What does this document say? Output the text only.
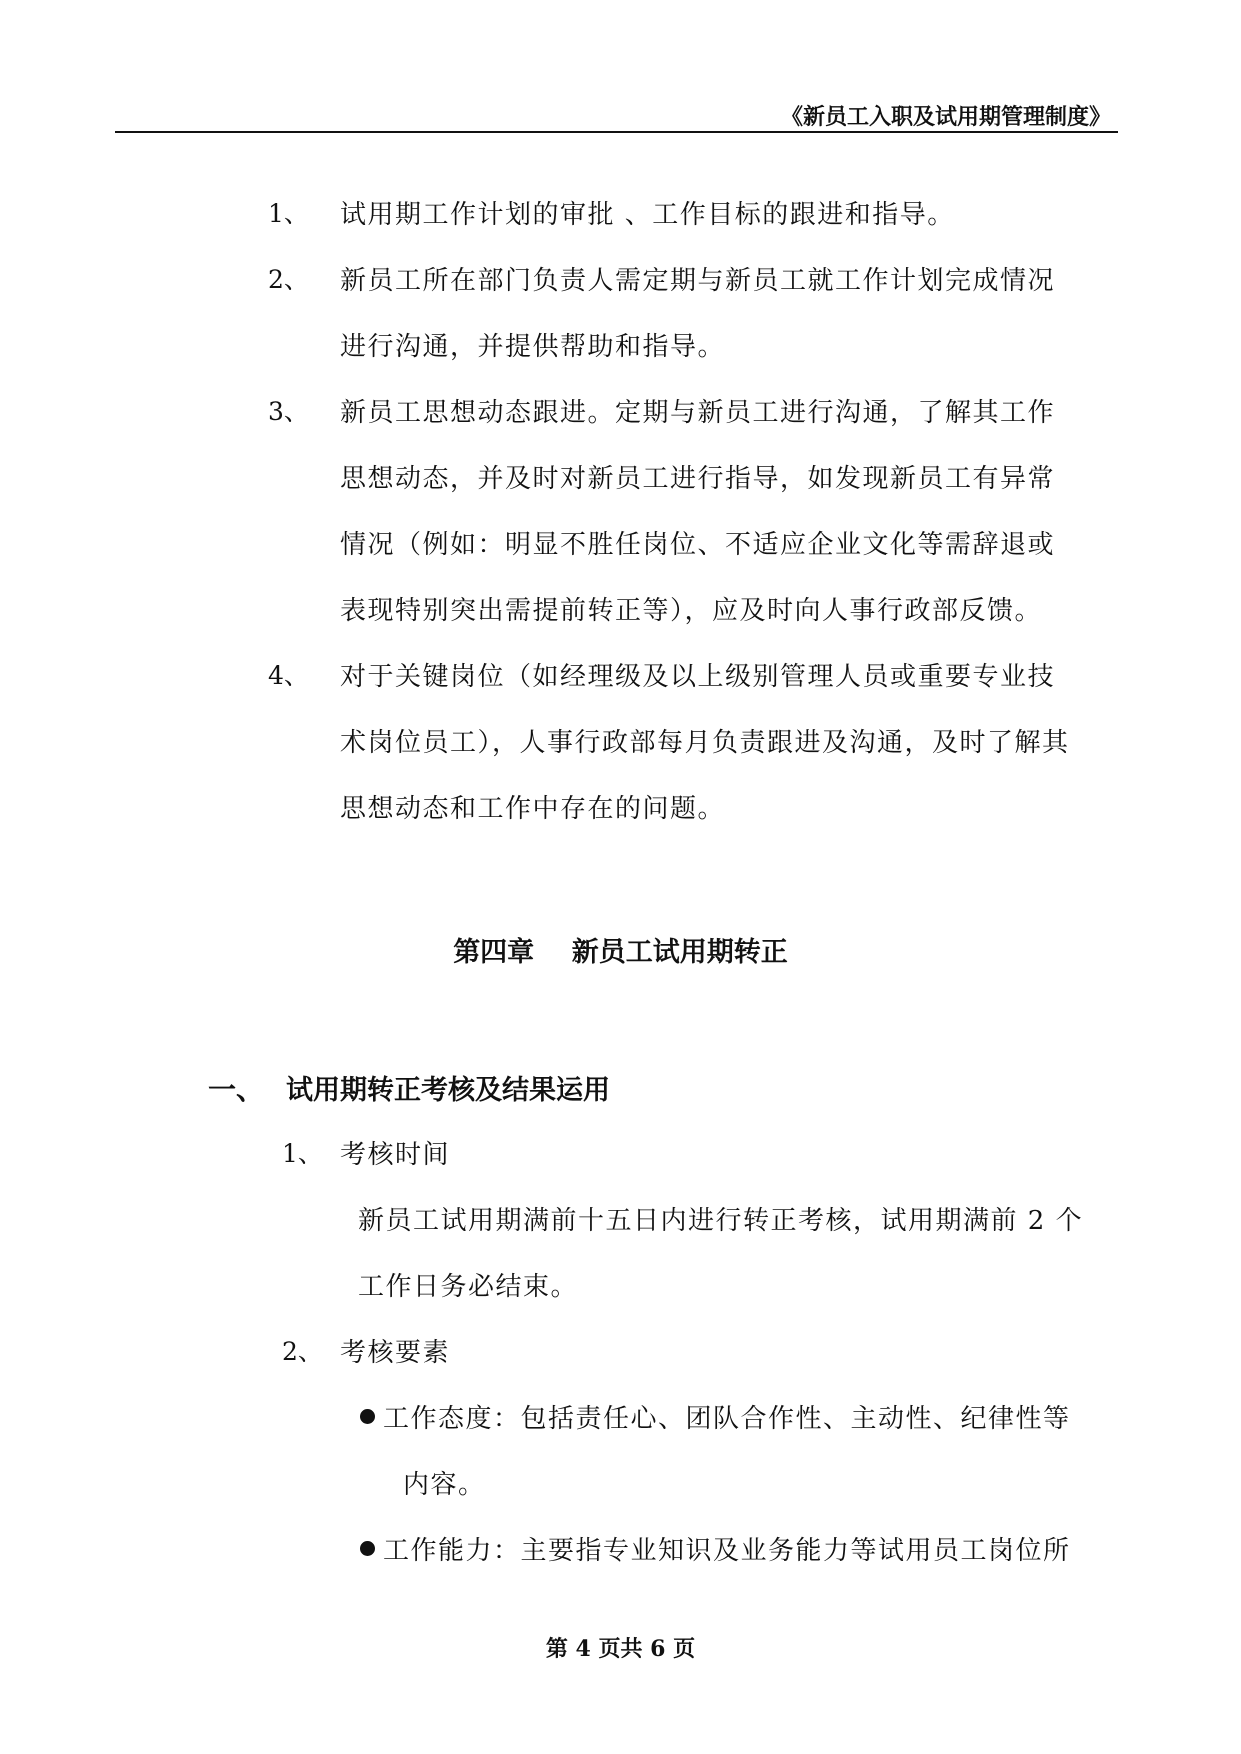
《新员工入职及试用期管理制度》
1、 试用期工作计划的审批 、工作目标的跟进和指导。
2、 新员工所在部门负责人需定期与新员工就工作计划完成情况
进行沟通，并提供帮助和指导。
3、 新员工思想动态跟进。定期与新员工进行沟通，了解其工作
思想动态，并及时对新员工进行指导，如发现新员工有异常
情况（例如：明显不胜任岗位、不适应企业文化等需辞退或
表现特别突出需提前转正等），应及时向人事行政部反馈。
4、 对于关键岗位（如经理级及以上级别管理人员或重要专业技
术岗位员工），人事行政部每月负责跟进及沟通，及时了解其
思想动态和工作中存在的问题。
第四章    新员工试用期转正
一、 试用期转正考核及结果运用
1、 考核时间
新员工试用期满前十五日内进行转正考核，试用期满前 2 个
工作日务必结束。
2、 考核要素
工作态度：包括责任心、团队合作性、主动性、纪律性等
内容。
工作能力：主要指专业知识及业务能力等试用员工岗位所
第 4 页共 6 页
